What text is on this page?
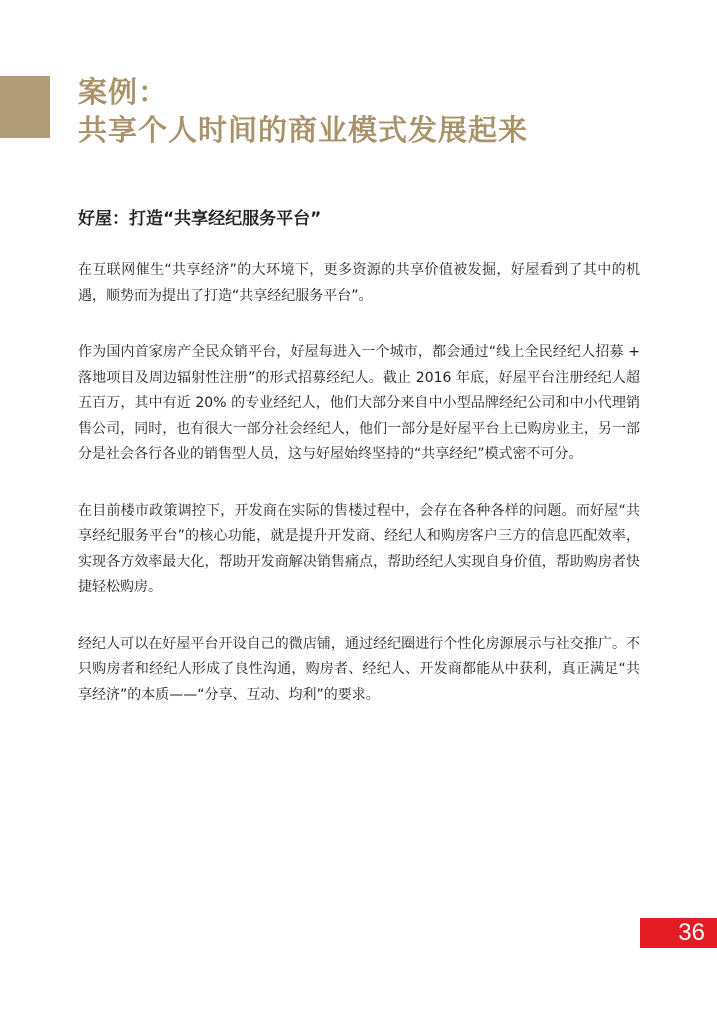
案例：
共享个人时间的商业模式发展起来
好屋：打造“共享经纪服务平台”

在互联网催生“共享经济”的大环境下，更多资源的共享价值被发掘，好屋看到了其中的机遇，顺势而为提出了打造“共享经纪服务平台”。

作为国内首家房产全民众销平台，好屋每进入一个城市，都会通过“线上全民经纪人招募 + 落地项目及周边辐射性注册”的形式招募经纪人。截止 2016 年底，好屋平台注册经纪人超五百万，其中有近 20% 的专业经纪人，他们大部分来自中小型品牌经纪公司和中小代理销售公司，同时，也有很大一部分社会经纪人，他们一部分是好屋平台上已购房业主，另一部分是社会各行各业的销售型人员，这与好屋始终坚持的“共享经纪”模式密不可分。

在目前楼市政策调控下，开发商在实际的售楼过程中，会存在各种各样的问题。而好屋“共享经纪服务平台”的核心功能，就是提升开发商、经纪人和购房客户三方的信息匹配效率，实现各方效率最大化，帮助开发商解决销售痛点，帮助经纪人实现自身价值，帮助购房者快捷轻松购房。

经纪人可以在好屋平台开设自己的微店铺，通过经纪圈进行个性化房源展示与社交推广。不只购房者和经纪人形成了良性沟通，购房者、经纪人、开发商都能从中获利，真正满足“共享经济”的本质——“分享、互动、均利”的要求。

36
